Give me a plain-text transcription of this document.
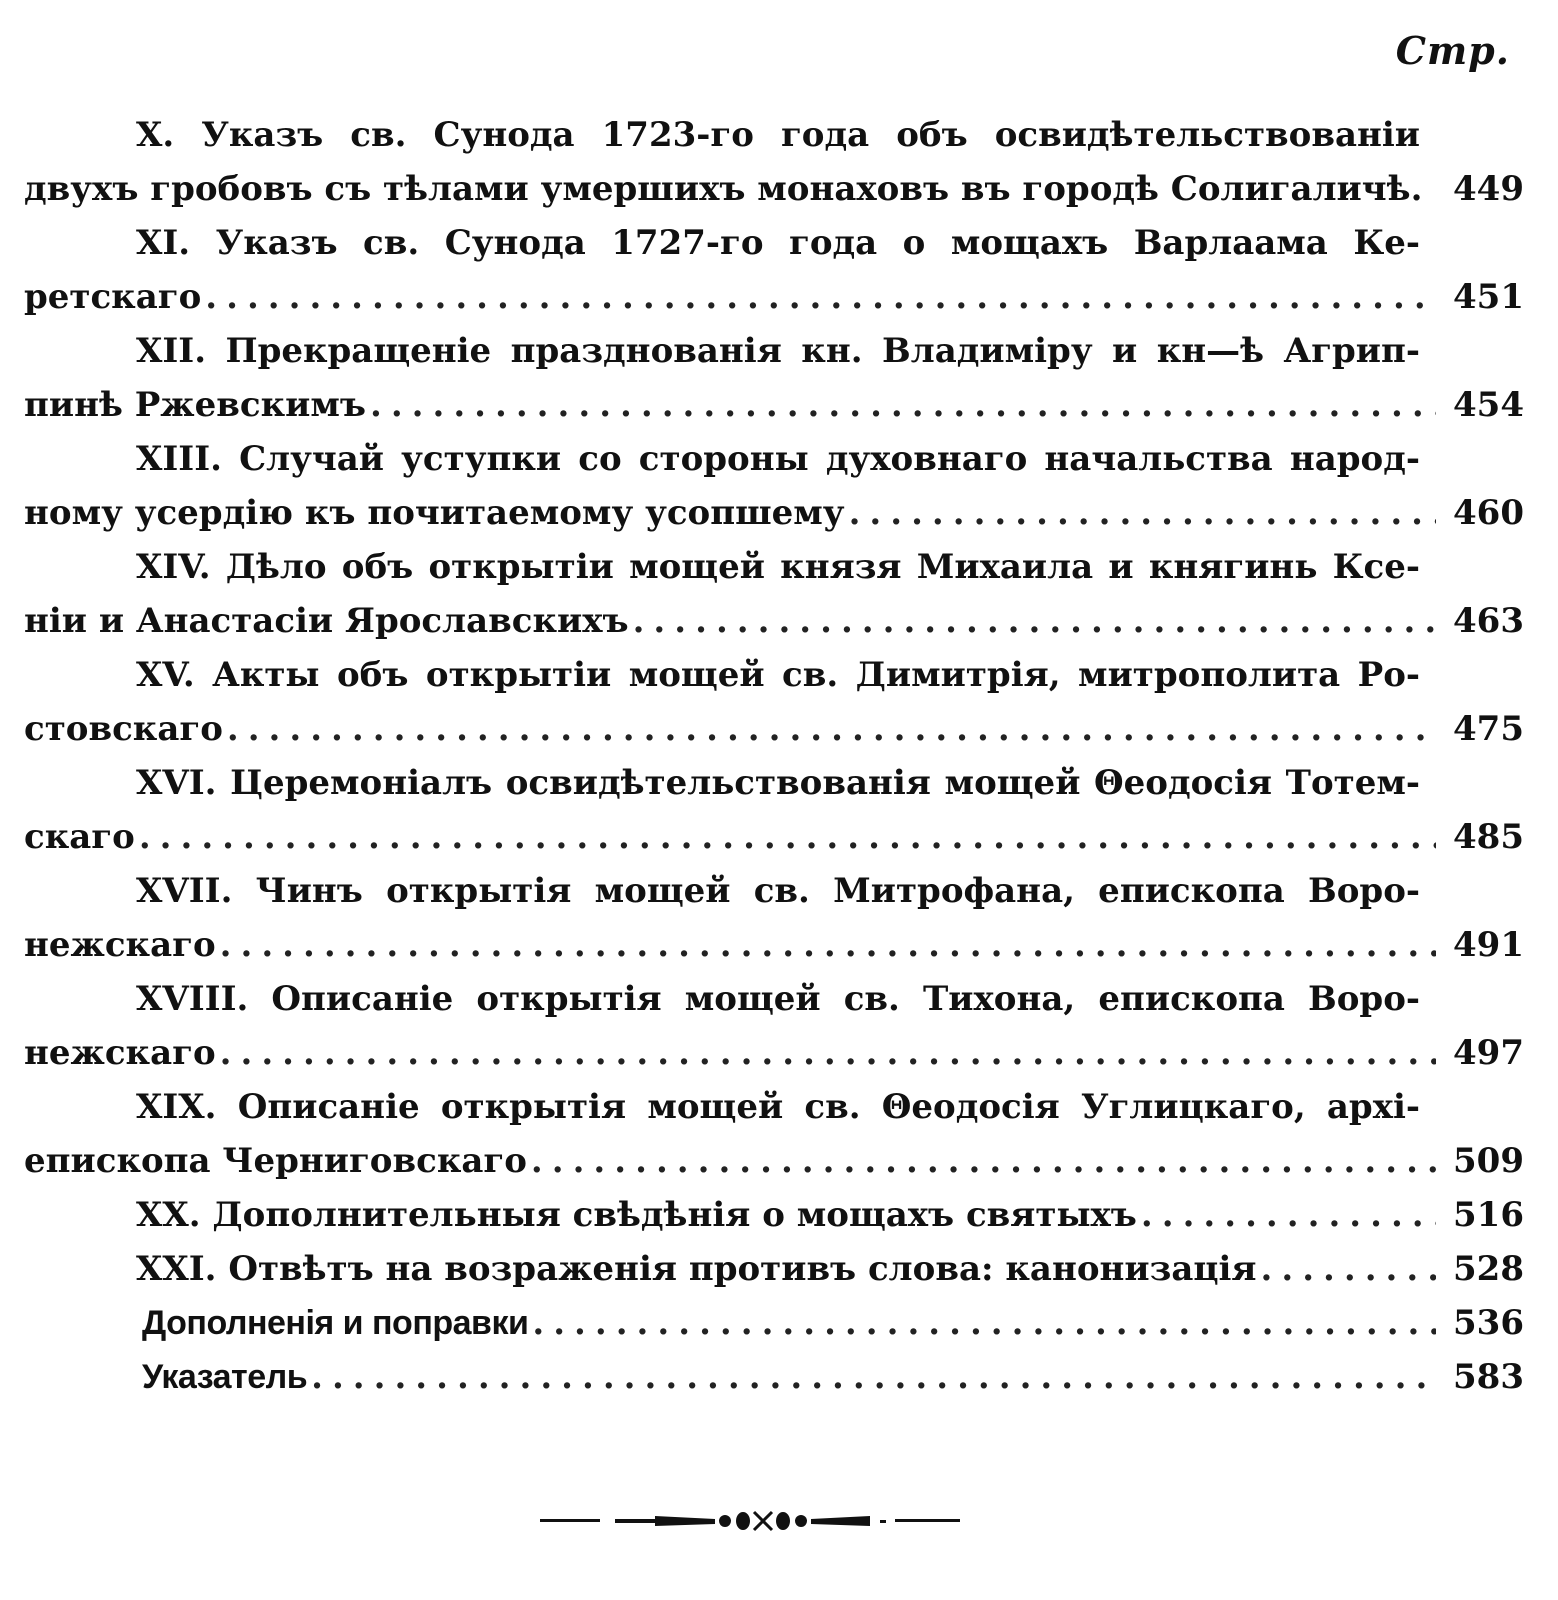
Стр.
X. Указъ св. Сунода 1723-го года объ освидѣтельствованіи
двухъ гробовъ съ тѣлами умершихъ монаховъ въ городѣ Солигаличѣ. 449
XI. Указъ св. Сунода 1727-го года о мощахъ Варлаама Ке-
ретскаго .....	451
XII. Прекращеніе празднованія кн. Владиміру и кн—ѣ Агрип-
пинѣ Ржевскимъ .....	454
XIII. Случай уступки со стороны духовнаго начальства народ-
ному усердію къ почитаемому усопшему .....	460
XIV. Дѣло объ открытіи мощей князя Михаила и княгинь Ксе-
ніи и Анастасіи Ярославскихъ .....	463
XV. Акты объ открытіи мощей св. Димитрія, митрополита Ро-
стовскаго .....	475
XVI. Церемоніалъ освидѣтельствованія мощей Θеодосія Тотем-
скаго .....	485
XVII. Чинъ открытія мощей св. Митрофана, епископа Воро-
нежскаго .....	491
XVIII. Описаніе открытія мощей св. Тихона, епископа Воро-
нежскаго .....	497
XIX. Описаніе открытія мощей св. Θеодосія Углицкаго, архі-
епископа Черниговскаго .....	509
XX. Дополнительныя свѣдѣнія о мощахъ святыхъ .....	516
XXI. Отвѣтъ на возраженія противъ слова: канонизація .....	528
Дополненія и поправки .....	536
Указатель .....	583
